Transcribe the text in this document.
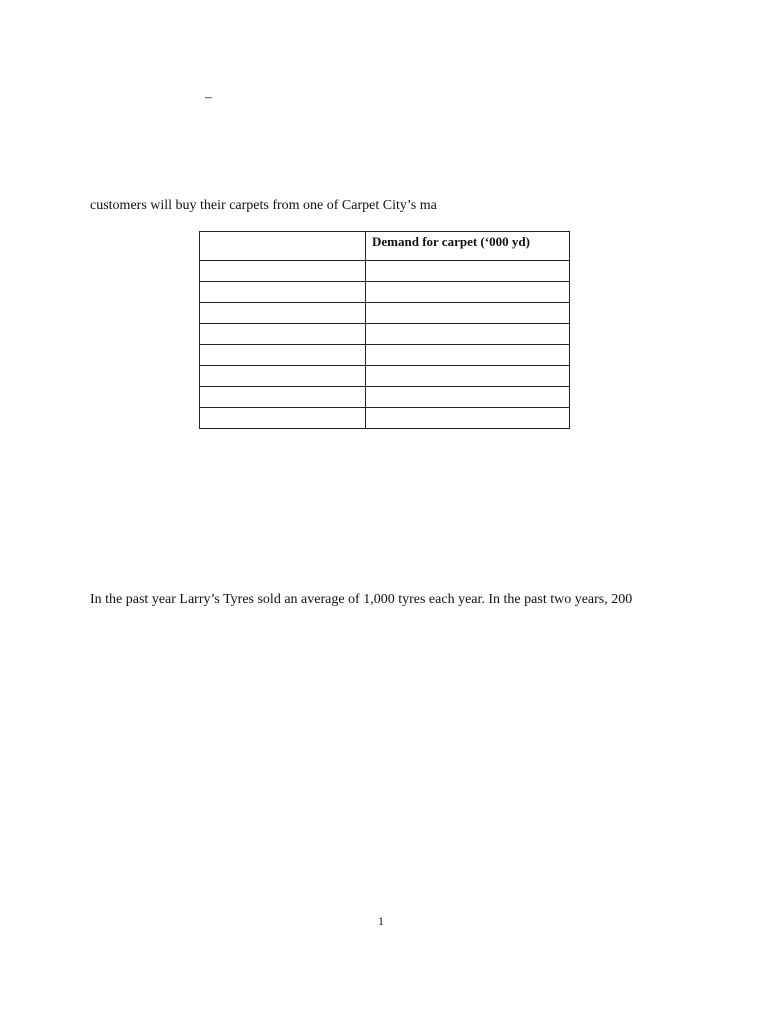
–
customers will buy their carpets from one of Carpet City’s ma
	Demand for carpet (‘000 yd)

In the past year Larry’s Tyres sold an average of 1,000 tyres each year. In the past two years, 200
1
